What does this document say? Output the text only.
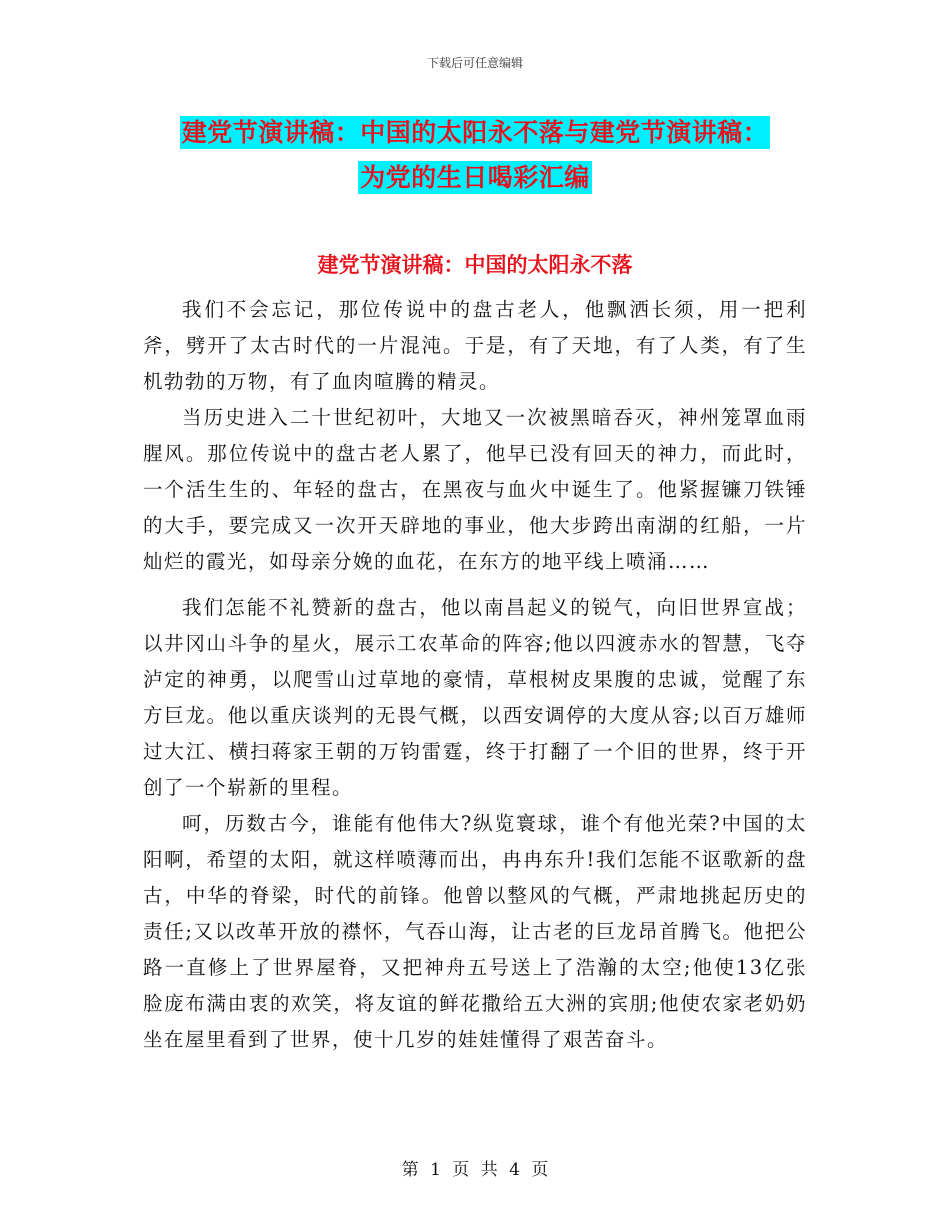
下载后可任意编辑
建党节演讲稿：中国的太阳永不落与建党节演讲稿：
为党的生日喝彩汇编
建党节演讲稿：中国的太阳永不落

我们不会忘记，那位传说中的盘古老人，他飘洒长须，用一把利斧，劈开了太古时代的一片混沌。于是，有了天地，有了人类，有了生机勃勃的万物，有了血肉喧腾的精灵。

当历史进入二十世纪初叶，大地又一次被黑暗吞灭，神州笼罩血雨腥风。那位传说中的盘古老人累了，他早已没有回天的神力，而此时，一个活生生的、年轻的盘古，在黑夜与血火中诞生了。他紧握镰刀铁锤的大手，要完成又一次开天辟地的事业，他大步跨出南湖的红船，一片灿烂的霞光，如母亲分娩的血花，在东方的地平线上喷涌……

我们怎能不礼赞新的盘古，他以南昌起义的锐气，向旧世界宣战；以井冈山斗争的星火，展示工农革命的阵容;他以四渡赤水的智慧，飞夺泸定的神勇，以爬雪山过草地的豪情，草根树皮果腹的忠诚，觉醒了东方巨龙。他以重庆谈判的无畏气概，以西安调停的大度从容;以百万雄师过大江、横扫蒋家王朝的万钧雷霆，终于打翻了一个旧的世界，终于开创了一个崭新的里程。

呵，历数古今，谁能有他伟大?纵览寰球，谁个有他光荣?中国的太阳啊，希望的太阳，就这样喷薄而出，冉冉东升!我们怎能不讴歌新的盘古，中华的脊梁，时代的前锋。他曾以整风的气概，严肃地挑起历史的责任;又以改革开放的襟怀，气吞山海，让古老的巨龙昂首腾飞。他把公路一直修上了世界屋脊，又把神舟五号送上了浩瀚的太空;他使13亿张脸庞布满由衷的欢笑，将友谊的鲜花撒给五大洲的宾朋;他使农家老奶奶坐在屋里看到了世界，使十几岁的娃娃懂得了艰苦奋斗。

第 1 页 共 4 页
